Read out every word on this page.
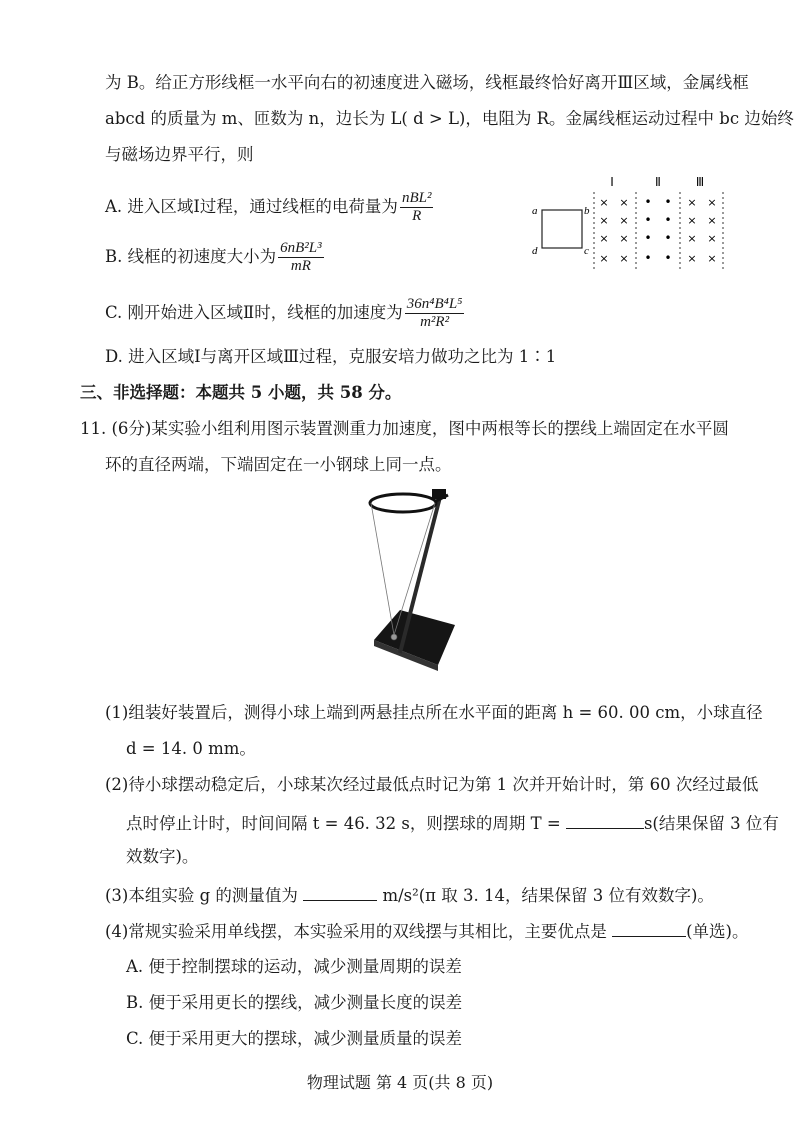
为 B。给正方形线框一水平向右的初速度进入磁场，线框最终恰好离开Ⅲ区域，金属线框
abcd 的质量为 m、匝数为 n，边长为 L( d > L)，电阻为 R。金属线框运动过程中 bc 边始终
与磁场边界平行，则
A. 进入区域Ⅰ过程，通过线框的电荷量为 $\frac{\text{nBL²}}{R}$
B. 线框的初速度大小为 $\frac{\text{6nB²L³}}{mR}$
C. 刚开始进入区域Ⅱ时，线框的加速度为 $\frac{\text{36n⁴B⁴L⁵}}{\text{m²R²}}$
D. 进入区域Ⅰ与离开区域Ⅲ过程，克服安培力做功之比为 1∶1
Ⅰ	Ⅱ	Ⅲ
a	b
c
d
×
×
×
×
×
×
×
×
•
•
•
•
•
•
•
•
×
×
×
×
×
×
×
×
三、非选择题：本题共 5 小题，共 58 分。
11. (6分)某实验小组利用图示装置测重力加速度，图中两根等长的摆线上端固定在水平圆
环的直径两端，下端固定在一小钢球上同一点。
(1)组装好装置后，测得小球上端到两悬挂点所在水平面的距离 h = 60. 00 cm，小球直径
d = 14. 0 mm。
(2)待小球摆动稳定后，小球某次经过最低点时记为第 1 次并开始计时，第 60 次经过最低
点时停止计时，时间间隔 t = 46. 32 s，则摆球的周期 T =	s(结果保留 3 位有
效数字)。
(3)本组实验 g 的测量值为	m/s²(π 取 3. 14，结果保留 3 位有效数字)。
(4)常规实验采用单线摆，本实验采用的双线摆与其相比，主要优点是	(单选)。
A. 便于控制摆球的运动，减少测量周期的误差
B. 便于采用更长的摆线，减少测量长度的误差
C. 便于采用更大的摆球，减少测量质量的误差
物理试题 第 4 页(共 8 页)
